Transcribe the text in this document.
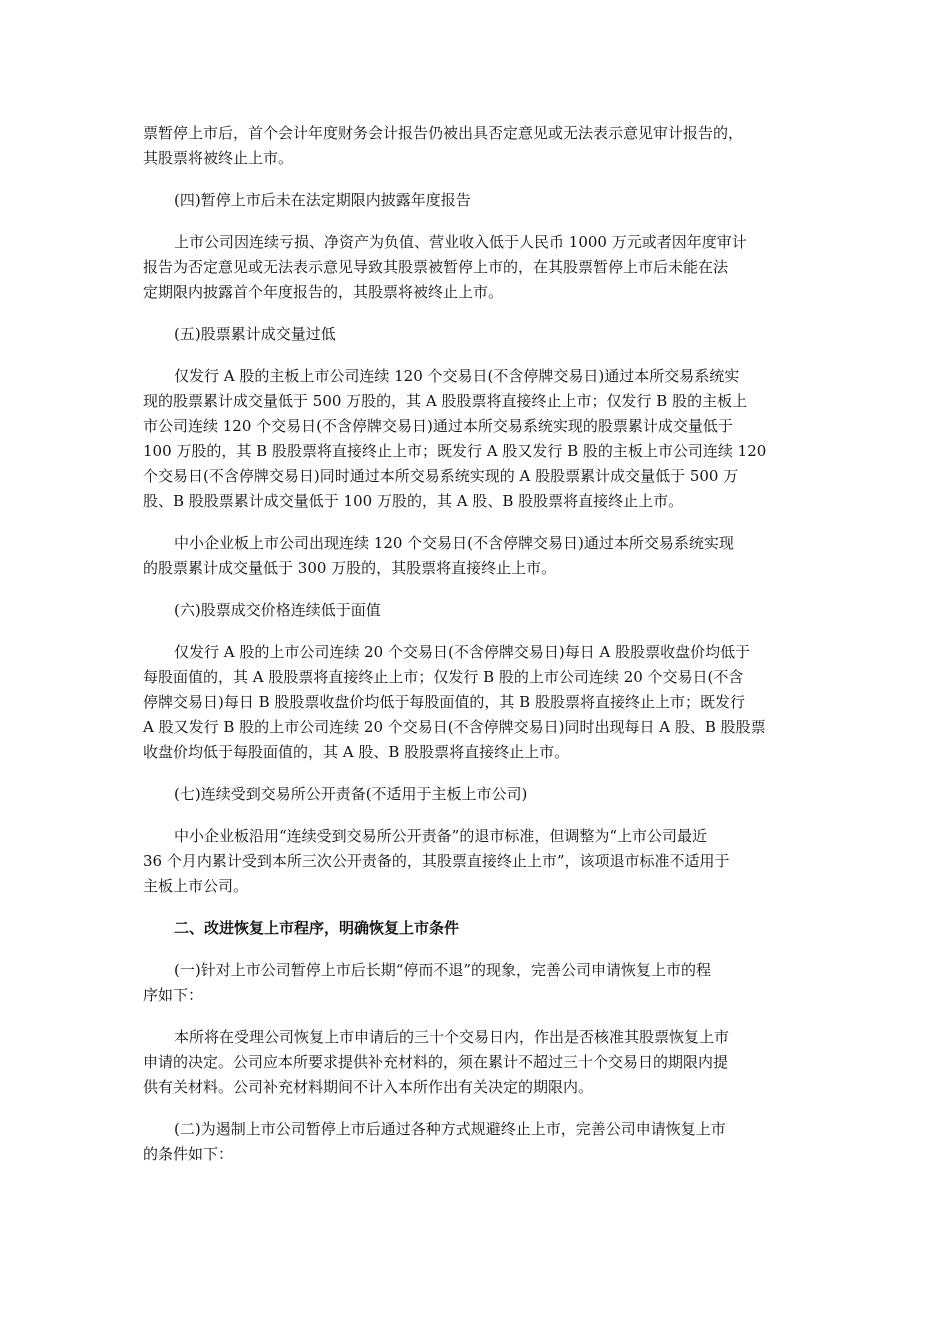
票暂停上市后，首个会计年度财务会计报告仍被出具否定意见或无法表示意见审计报告的，
其股票将被终止上市。

(四)暂停上市后未在法定期限内披露年度报告

上市公司因连续亏损、净资产为负值、营业收入低于人民币 1000 万元或者因年度审计
报告为否定意见或无法表示意见导致其股票被暂停上市的，在其股票暂停上市后未能在法
定期限内披露首个年度报告的，其股票将被终止上市。

(五)股票累计成交量过低

仅发行 A 股的主板上市公司连续 120 个交易日(不含停牌交易日)通过本所交易系统实
现的股票累计成交量低于 500 万股的，其 A 股股票将直接终止上市；仅发行 B 股的主板上
市公司连续 120 个交易日(不含停牌交易日)通过本所交易系统实现的股票累计成交量低于
100 万股的，其 B 股股票将直接终止上市；既发行 A 股又发行 B 股的主板上市公司连续 120
个交易日(不含停牌交易日)同时通过本所交易系统实现的 A 股股票累计成交量低于 500 万
股、B 股股票累计成交量低于 100 万股的，其 A 股、B 股股票将直接终止上市。

中小企业板上市公司出现连续 120 个交易日(不含停牌交易日)通过本所交易系统实现
的股票累计成交量低于 300 万股的，其股票将直接终止上市。

(六)股票成交价格连续低于面值

仅发行 A 股的上市公司连续 20 个交易日(不含停牌交易日)每日 A 股股票收盘价均低于
每股面值的，其 A 股股票将直接终止上市；仅发行 B 股的上市公司连续 20 个交易日(不含
停牌交易日)每日 B 股股票收盘价均低于每股面值的，其 B 股股票将直接终止上市；既发行
A 股又发行 B 股的上市公司连续 20 个交易日(不含停牌交易日)同时出现每日 A 股、B 股股票
收盘价均低于每股面值的，其 A 股、B 股股票将直接终止上市。

(七)连续受到交易所公开责备(不适用于主板上市公司)

中小企业板沿用“连续受到交易所公开责备”的退市标准，但调整为“上市公司最近
36 个月内累计受到本所三次公开责备的，其股票直接终止上市”，该项退市标准不适用于
主板上市公司。

二、改进恢复上市程序，明确恢复上市条件

(一)针对上市公司暂停上市后长期“停而不退”的现象，完善公司申请恢复上市的程
序如下：

本所将在受理公司恢复上市申请后的三十个交易日内，作出是否核准其股票恢复上市
申请的决定。公司应本所要求提供补充材料的，须在累计不超过三十个交易日的期限内提
供有关材料。公司补充材料期间不计入本所作出有关决定的期限内。

(二)为遏制上市公司暂停上市后通过各种方式规避终止上市，完善公司申请恢复上市
的条件如下：
